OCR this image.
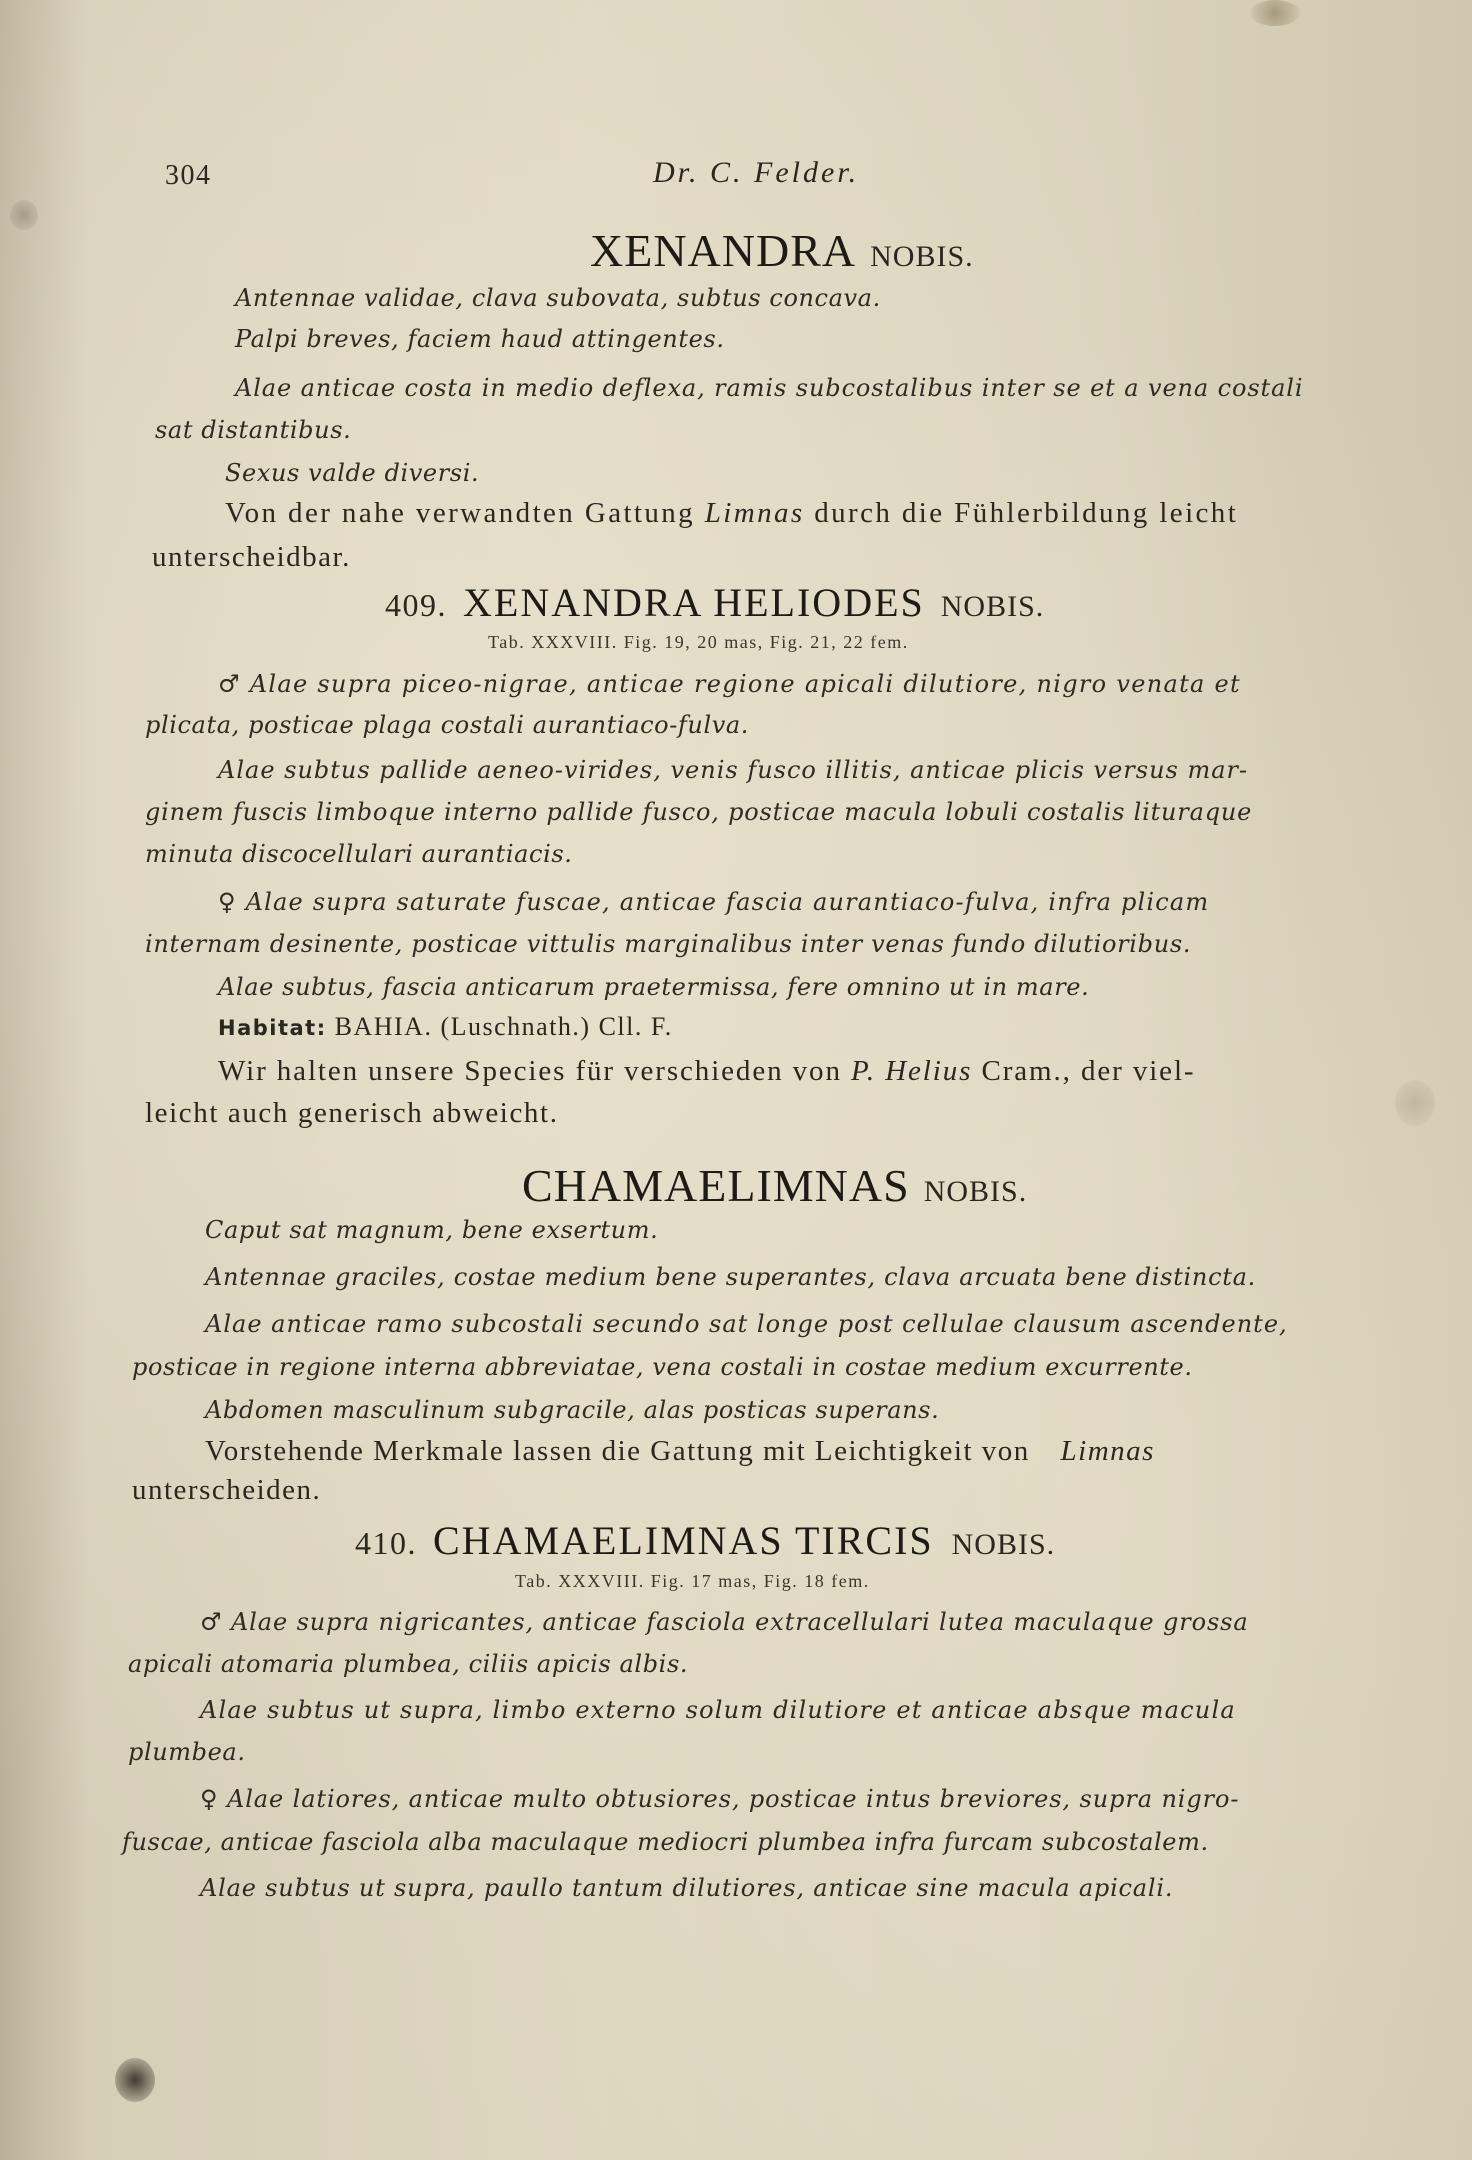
304	Dr. C. Felder.
XENANDRA NOBIS.
Antennae validae, clava subovata, subtus concava.
Palpi breves, faciem haud attingentes.
Alae anticae costa in medio deflexa, ramis subcostalibus inter se et a vena costali
sat distantibus.
Sexus valde diversi.
Von der nahe verwandten Gattung Limnas durch die Fühlerbildung leicht
unterscheidbar.
409. XENANDRA HELIODES NOBIS.
Tab. XXXVIII. Fig. 19, 20 mas, Fig. 21, 22 fem.
♂ Alae supra piceo-nigrae, anticae regione apicali dilutiore, nigro venata et
plicata, posticae plaga costali aurantiaco-fulva.
Alae subtus pallide aeneo-virides, venis fusco illitis, anticae plicis versus mar-
ginem fuscis limboque interno pallide fusco, posticae macula lobuli costalis lituraque
minuta discocellulari aurantiacis.
♀ Alae supra saturate fuscae, anticae fascia aurantiaco-fulva, infra plicam
internam desinente, posticae vittulis marginalibus inter venas fundo dilutioribus.
Alae subtus, fascia anticarum praetermissa, fere omnino ut in mare.
Habitat: BAHIA. (Luschnath.) Cll. F.
Wir halten unsere Species für verschieden von P. Helius Cram., der viel-
leicht auch generisch abweicht.
CHAMAELIMNAS NOBIS.
Caput sat magnum, bene exsertum.
Antennae graciles, costae medium bene superantes, clava arcuata bene distincta.
Alae anticae ramo subcostali secundo sat longe post cellulae clausum ascendente,
posticae in regione interna abbreviatae, vena costali in costae medium excurrente.
Abdomen masculinum subgracile, alas posticas superans.
Vorstehende Merkmale lassen die Gattung mit Leichtigkeit von Limnas
unterscheiden.
410. CHAMAELIMNAS TIRCIS NOBIS.
Tab. XXXVIII. Fig. 17 mas, Fig. 18 fem.
♂ Alae supra nigricantes, anticae fasciola extracellulari lutea maculaque grossa
apicali atomaria plumbea, ciliis apicis albis.
Alae subtus ut supra, limbo externo solum dilutiore et anticae absque macula
plumbea.
♀ Alae latiores, anticae multo obtusiores, posticae intus breviores, supra nigro-
fuscae, anticae fasciola alba maculaque mediocri plumbea infra furcam subcostalem.
Alae subtus ut supra, paullo tantum dilutiores, anticae sine macula apicali.
